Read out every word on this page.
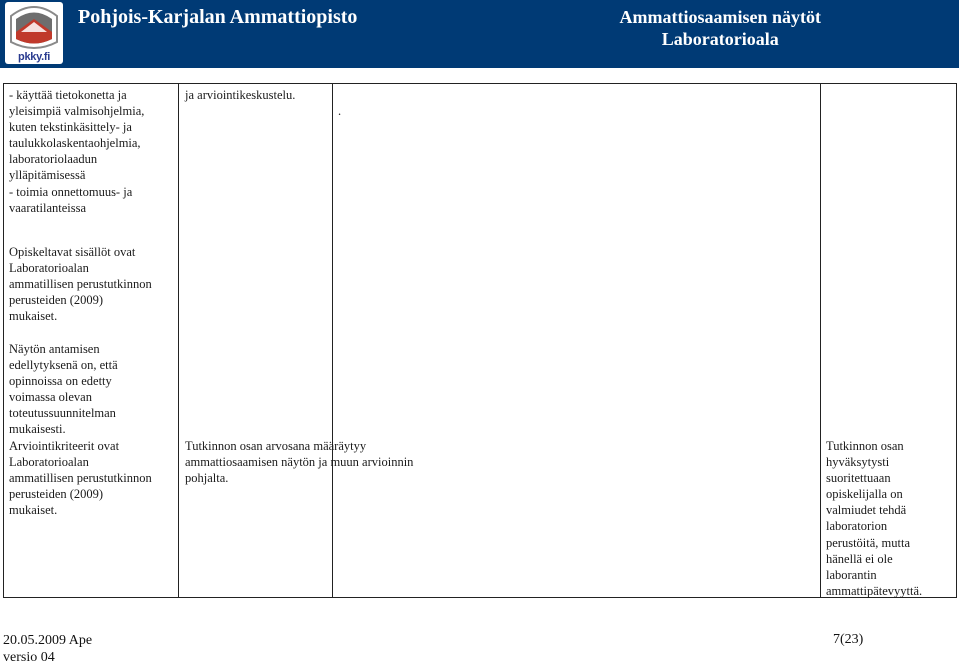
pkky.fi
Pohjois-Karjalan Ammattiopisto	Ammattiosaamisen näytöt
Laboratorioala
- käyttää tietokonetta ja
yleisimpiä valmisohjelmia,
kuten tekstinkäsittely- ja
taulukkolaskentaohjelmia,
laboratoriolaadun
ylläpitämisessä
- toimia onnettomuus- ja
vaaratilanteissa
Opiskeltavat sisällöt ovat
Laboratorioalan
ammatillisen perustutkinnon
perusteiden (2009)
mukaiset.
Näytön antamisen
edellytyksenä on, että
opinnoissa on edetty
voimassa olevan
toteutussuunnitelman
mukaisesti.
Arviointikriteerit ovat
Laboratorioalan
ammatillisen perustutkinnon
perusteiden (2009)
mukaiset.
ja arviointikeskustelu.
Tutkinnon osan arvosana määräytyy
ammattiosaamisen näytön ja muun arvioinnin
pohjalta.
.
Tutkinnon osan
hyväksytysti
suoritettuaan
opiskelijalla on
valmiudet tehdä
laboratorion
perustöitä, mutta
hänellä ei ole
laborantin
ammattipätevyyttä.
20.05.2009 Ape
versio 04
7(23)
